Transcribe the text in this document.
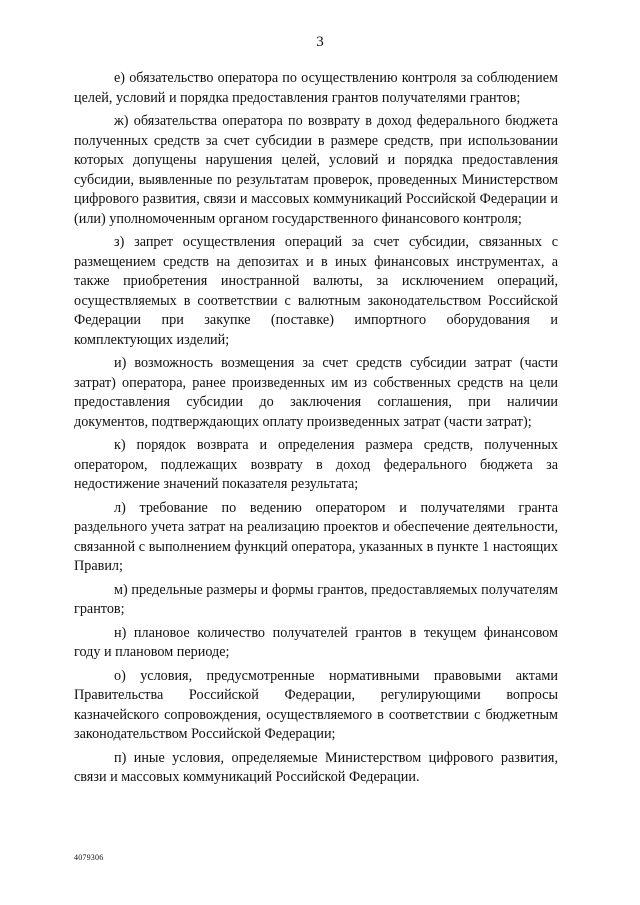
3

е) обязательство оператора по осуществлению контроля за соблюдением целей, условий и порядка предоставления грантов получателями грантов;

ж) обязательства оператора по возврату в доход федерального бюджета полученных средств за счет субсидии в размере средств, при использовании которых допущены нарушения целей, условий и порядка предоставления субсидии, выявленные по результатам проверок, проведенных Министерством цифрового развития, связи и массовых коммуникаций Российской Федерации и (или) уполномоченным органом государственного финансового контроля;

з) запрет осуществления операций за счет субсидии, связанных с размещением средств на депозитах и в иных финансовых инструментах, а также приобретения иностранной валюты, за исключением операций, осуществляемых в соответствии с валютным законодательством Российской Федерации при закупке (поставке) импортного оборудования и комплектующих изделий;

и) возможность возмещения за счет средств субсидии затрат (части затрат) оператора, ранее произведенных им из собственных средств на цели предоставления субсидии до заключения соглашения, при наличии документов, подтверждающих оплату произведенных затрат (части затрат);

к) порядок возврата и определения размера средств, полученных оператором, подлежащих возврату в доход федерального бюджета за недостижение значений показателя результата;

л) требование по ведению оператором и получателями гранта раздельного учета затрат на реализацию проектов и обеспечение деятельности, связанной с выполнением функций оператора, указанных в пункте 1 настоящих Правил;

м) предельные размеры и формы грантов, предоставляемых получателям грантов;

н) плановое количество получателей грантов в текущем финансовом году и плановом периоде;

о) условия, предусмотренные нормативными правовыми актами Правительства Российской Федерации, регулирующими вопросы казначейского сопровождения, осуществляемого в соответствии с бюджетным законодательством Российской Федерации;

п) иные условия, определяемые Министерством цифрового развития, связи и массовых коммуникаций Российской Федерации.

4079306
